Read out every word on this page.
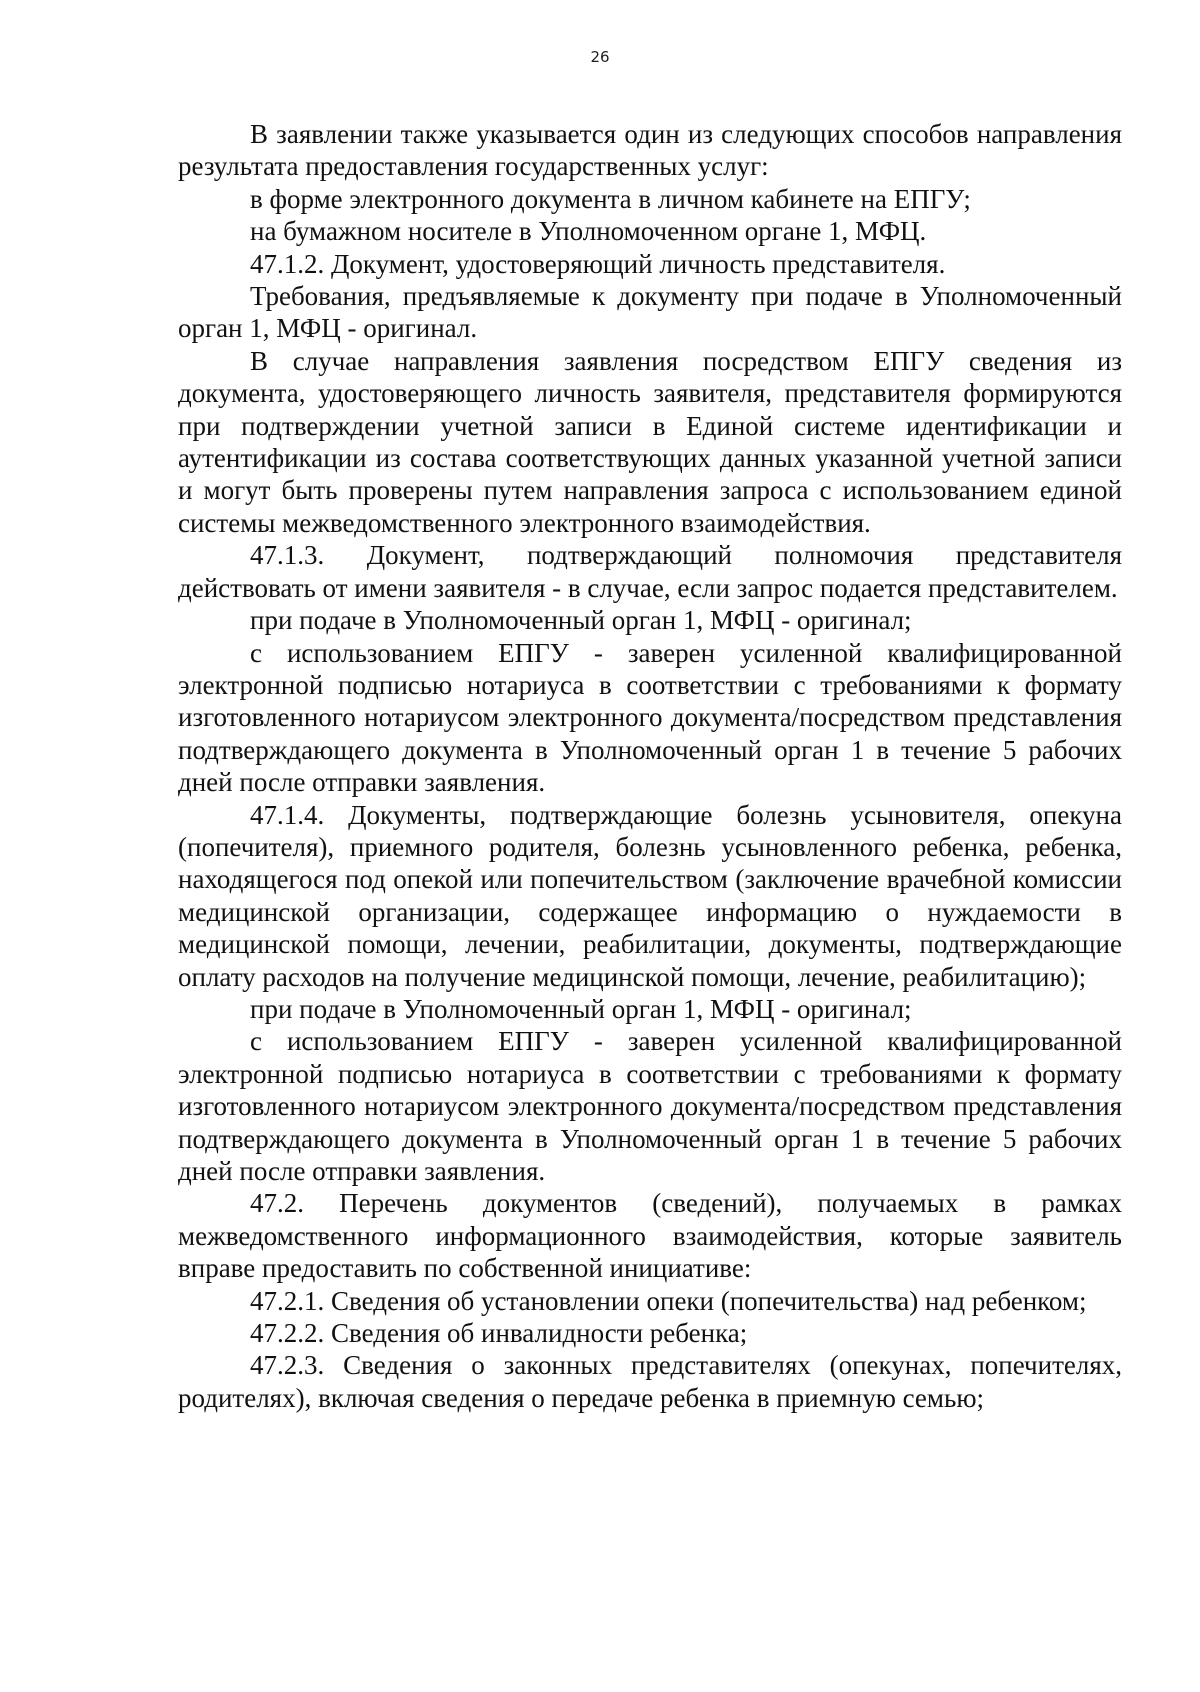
26

В заявлении также указывается один из следующих способов направления результата предоставления государственных услуг:

в форме электронного документа в личном кабинете на ЕПГУ;

на бумажном носителе в Уполномоченном органе 1, МФЦ.

47.1.2. Документ, удостоверяющий личность представителя.

Требования, предъявляемые к документу при подаче в Уполномоченный орган 1, МФЦ - оригинал.

В случае направления заявления посредством ЕПГУ сведения из документа, удостоверяющего личность заявителя, представителя формируются при подтверждении учетной записи в Единой системе идентификации и аутентификации из состава соответствующих данных указанной учетной записи и могут быть проверены путем направления запроса с использованием единой системы межведомственного электронного взаимодействия.

47.1.3. Документ, подтверждающий полномочия представителя действовать от имени заявителя - в случае, если запрос подается представителем.

при подаче в Уполномоченный орган 1, МФЦ - оригинал;

с использованием ЕПГУ - заверен усиленной квалифицированной электронной подписью нотариуса в соответствии с требованиями к формату изготовленного нотариусом электронного документа/посредством представления подтверждающего документа в Уполномоченный орган 1 в течение 5 рабочих дней после отправки заявления.

47.1.4. Документы, подтверждающие болезнь усыновителя, опекуна (попечителя), приемного родителя, болезнь усыновленного ребенка, ребенка, находящегося под опекой или попечительством (заключение врачебной комиссии медицинской организации, содержащее информацию о нуждаемости в медицинской помощи, лечении, реабилитации, документы, подтверждающие оплату расходов на получение медицинской помощи, лечение, реабилитацию);

при подаче в Уполномоченный орган 1, МФЦ - оригинал;

с использованием ЕПГУ - заверен усиленной квалифицированной электронной подписью нотариуса в соответствии с требованиями к формату изготовленного нотариусом электронного документа/посредством представления подтверждающего документа в Уполномоченный орган 1 в течение 5 рабочих дней после отправки заявления.

47.2. Перечень документов (сведений), получаемых в рамках межведомственного информационного взаимодействия, которые заявитель вправе предоставить по собственной инициативе:

47.2.1. Сведения об установлении опеки (попечительства) над ребенком;

47.2.2. Сведения об инвалидности ребенка;

47.2.3. Сведения о законных представителях (опекунах, попечителях, родителях), включая сведения о передаче ребенка в приемную семью;
